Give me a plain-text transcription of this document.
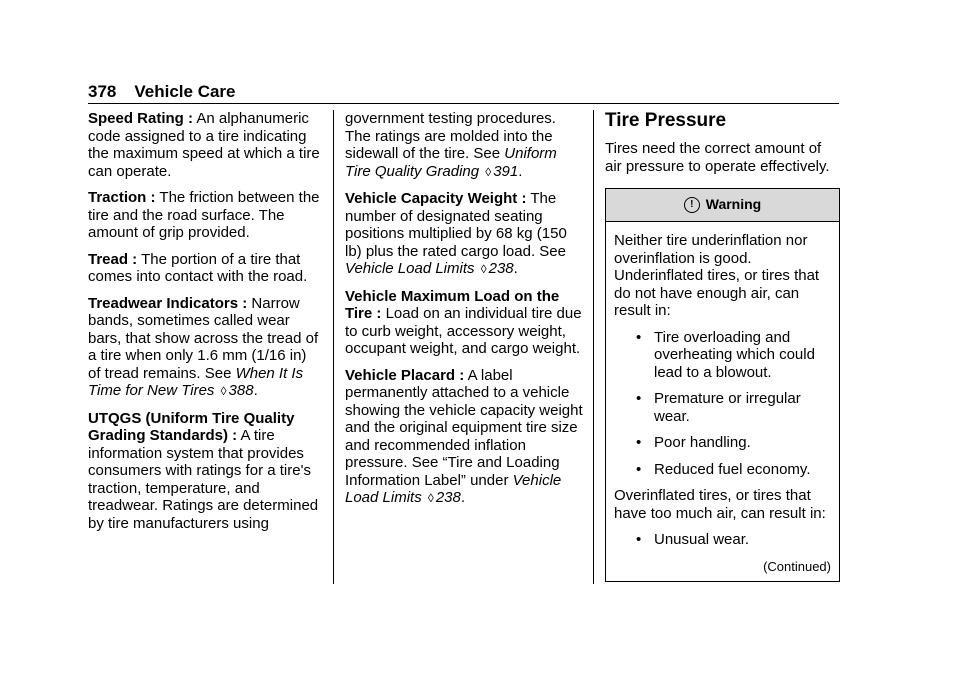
378 Vehicle Care

Speed Rating : An alphanumeric code assigned to a tire indicating the maximum speed at which a tire can operate.

Traction : The friction between the tire and the road surface. The amount of grip provided.

Tread : The portion of a tire that comes into contact with the road.

Treadwear Indicators : Narrow bands, sometimes called wear bars, that show across the tread of a tire when only 1.6 mm (1/16 in) of tread remains. See When It Is Time for New Tires ◊ 388.

UTQGS (Uniform Tire Quality Grading Standards) : A tire information system that provides consumers with ratings for a tire's traction, temperature, and treadwear. Ratings are determined by tire manufacturers using

government testing procedures. The ratings are molded into the sidewall of the tire. See Uniform Tire Quality Grading ◊ 391.

Vehicle Capacity Weight : The number of designated seating positions multiplied by 68 kg (150 lb) plus the rated cargo load. See Vehicle Load Limits ◊ 238.

Vehicle Maximum Load on the Tire : Load on an individual tire due to curb weight, accessory weight, occupant weight, and cargo weight.

Vehicle Placard : A label permanently attached to a vehicle showing the vehicle capacity weight and the original equipment tire size and recommended inflation pressure. See “Tire and Loading Information Label” under Vehicle Load Limits ◊ 238.

Tire Pressure

Tires need the correct amount of air pressure to operate effectively.

! Warning

Neither tire underinflation nor overinflation is good. Underinflated tires, or tires that do not have enough air, can result in:

• Tire overloading and overheating which could lead to a blowout.
• Premature or irregular wear.
• Poor handling.
• Reduced fuel economy.

Overinflated tires, or tires that have too much air, can result in:

• Unusual wear.
(Continued)
